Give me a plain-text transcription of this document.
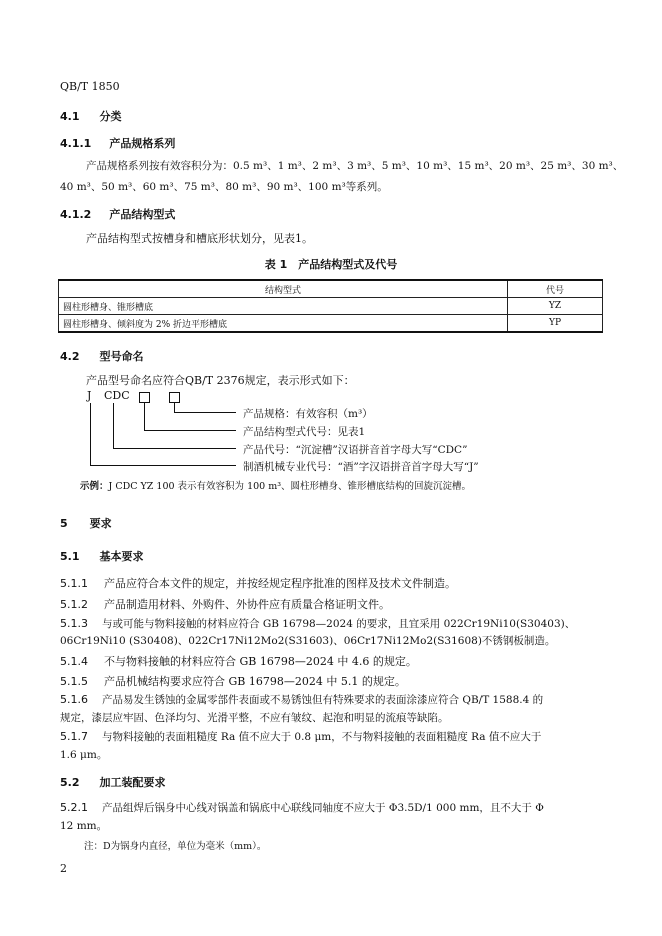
QB/T 1850
4.1 分类
4.1.1 产品规格系列
产品规格系列按有效容积分为：0.5 m³、1 m³、2 m³、3 m³、5 m³、10 m³、15 m³、20 m³、25 m³、30 m³、
40 m³、50 m³、60 m³、75 m³、80 m³、90 m³、100 m³等系列。
4.1.2 产品结构型式
产品结构型式按槽身和槽底形状划分，见表1。
表 1　产品结构型式及代号
结构型式	代号
圆柱形槽身、锥形槽底	YZ
圆柱形槽身、倾斜度为 2% 折边平形槽底	YP
4.2 型号命名
产品型号命名应符合QB/T 2376规定，表示形式如下：
J CDC
产品规格：有效容积（m³）
产品结构型式代号：见表1
产品代号：“沉淀槽”汉语拼音首字母大写“CDC”
制酒机械专业代号：“酒”字汉语拼音首字母大写“J”
示例：J CDC YZ 100 表示有效容积为 100 m³、圆柱形槽身、锥形槽底结构的回旋沉淀槽。
5 要求
5.1 基本要求
5.1.1 产品应符合本文件的规定，并按经规定程序批准的图样及技术文件制造。
5.1.2 产品制造用材料、外购件、外协件应有质量合格证明文件。
5.1.3 与或可能与物料接触的材料应符合 GB 16798—2024 的要求，且宜采用 022Cr19Ni10(S30403)、
06Cr19Ni10 (S30408)、022Cr17Ni12Mo2(S31603)、06Cr17Ni12Mo2(S31608)不锈钢板制造。
5.1.4 不与物料接触的材料应符合 GB 16798—2024 中 4.6 的规定。
5.1.5 产品机械结构要求应符合 GB 16798—2024 中 5.1 的规定。
5.1.6 产品易发生锈蚀的金属零部件表面或不易锈蚀但有特殊要求的表面涂漆应符合 QB/T 1588.4 的
规定，漆层应牢固、色泽均匀、光滑平整，不应有皱纹、起泡和明显的流痕等缺陷。
5.1.7 与物料接触的表面粗糙度 Ra 值不应大于 0.8 μm，不与物料接触的表面粗糙度 Ra 值不应大于
1.6 μm。
5.2 加工装配要求
5.2.1 产品组焊后锅身中心线对锅盖和锅底中心联线同轴度不应大于 Φ3.5D/1 000 mm，且不大于 Φ
12 mm。
注：D为锅身内直径，单位为毫米（mm）。
2
